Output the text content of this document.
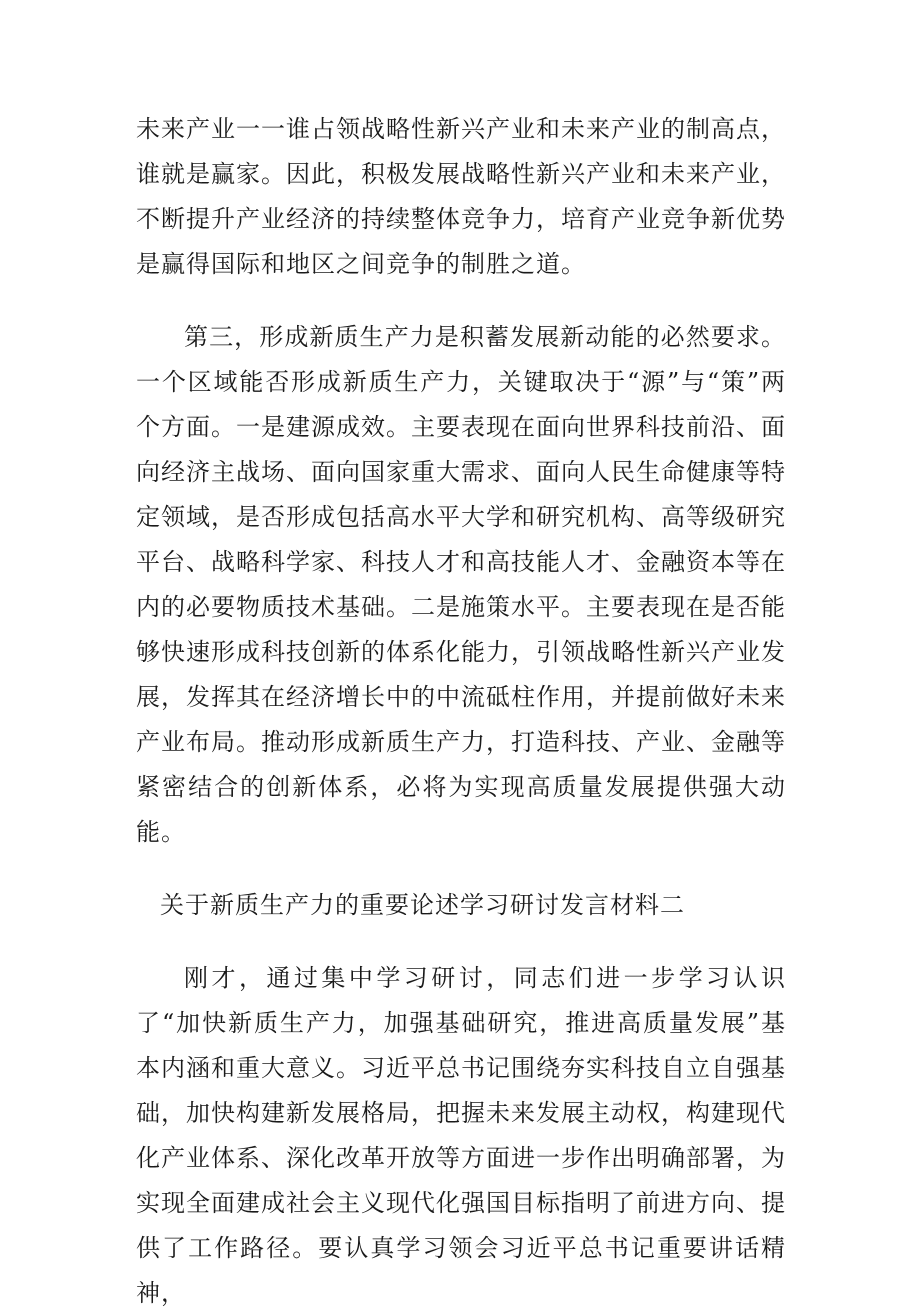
未来产业一一谁占领战略性新兴产业和未来产业的制高点，谁就是赢家。因此，积极发展战略性新兴产业和未来产业，不断提升产业经济的持续整体竞争力，培育产业竞争新优势是赢得国际和地区之间竞争的制胜之道。

第三，形成新质生产力是积蓄发展新动能的必然要求。一个区域能否形成新质生产力，关键取决于“源”与“策”两个方面。一是建源成效。主要表现在面向世界科技前沿、面向经济主战场、面向国家重大需求、面向人民生命健康等特定领域，是否形成包括高水平大学和研究机构、高等级研究平台、战略科学家、科技人才和高技能人才、金融资本等在内的必要物质技术基础。二是施策水平。主要表现在是否能够快速形成科技创新的体系化能力，引领战略性新兴产业发展，发挥其在经济增长中的中流砥柱作用，并提前做好未来产业布局。推动形成新质生产力，打造科技、产业、金融等紧密结合的创新体系，必将为实现高质量发展提供强大动能。

关于新质生产力的重要论述学习研讨发言材料二

刚才，通过集中学习研讨，同志们进一步学习认识了“加快新质生产力，加强基础研究，推进高质量发展”基本内涵和重大意义。习近平总书记围绕夯实科技自立自强基础，加快构建新发展格局，把握未来发展主动权，构建现代化产业体系、深化改革开放等方面进一步作出明确部署，为实现全面建成社会主义现代化强国目标指明了前进方向、提供了工作路径。要认真学习领会习近平总书记重要讲话精神，
